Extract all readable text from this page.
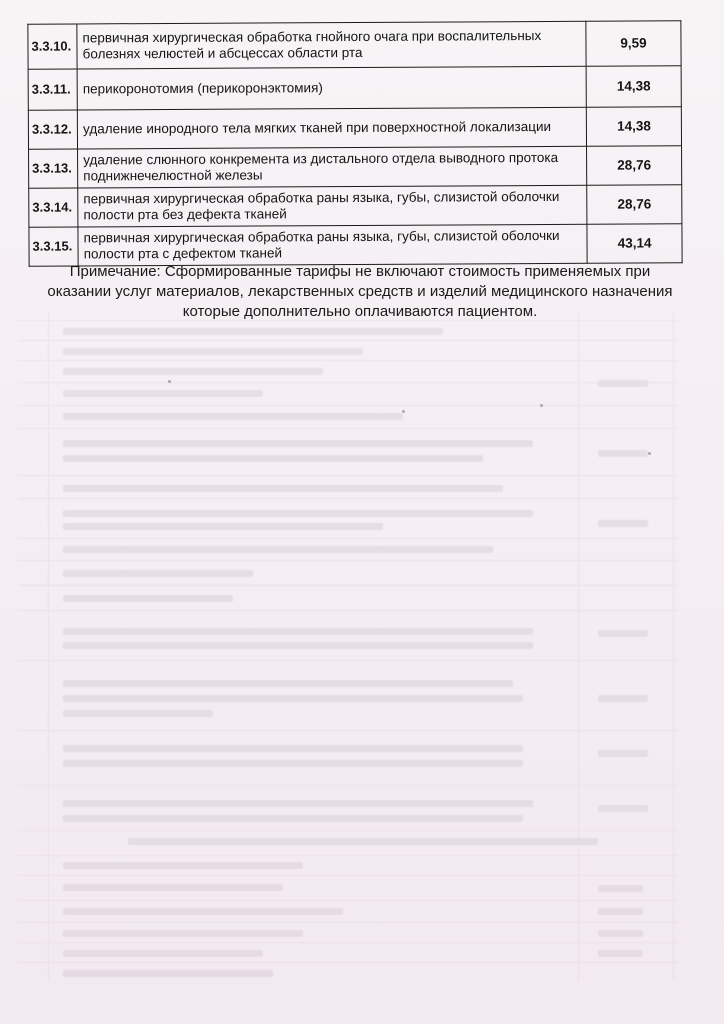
3.3.10.	первичная хирургическая обработка гнойного очага при воспалительных
болезнях челюстей и абсцессах области рта	9,59
3.3.11.	перикоронотомия (перикоронэктомия)	14,38
3.3.12.	удаление инородного тела мягких тканей при поверхностной локализации	14,38
3.3.13.	удаление слюнного конкремента из дистального отдела выводного протока
поднижнечелюстной железы	28,76
3.3.14.	первичная хирургическая обработка раны языка, губы, слизистой оболочки
полости рта без дефекта тканей	28,76
3.3.15.	первичная хирургическая обработка раны языка, губы, слизистой оболочки
полости рта с дефектом тканей	43,14
Примечание: Сформированные тарифы не включают стоимость применяемых при
оказании услуг материалов, лекарственных средств и изделий медицинского назначения
которые дополнительно оплачиваются пациентом.
